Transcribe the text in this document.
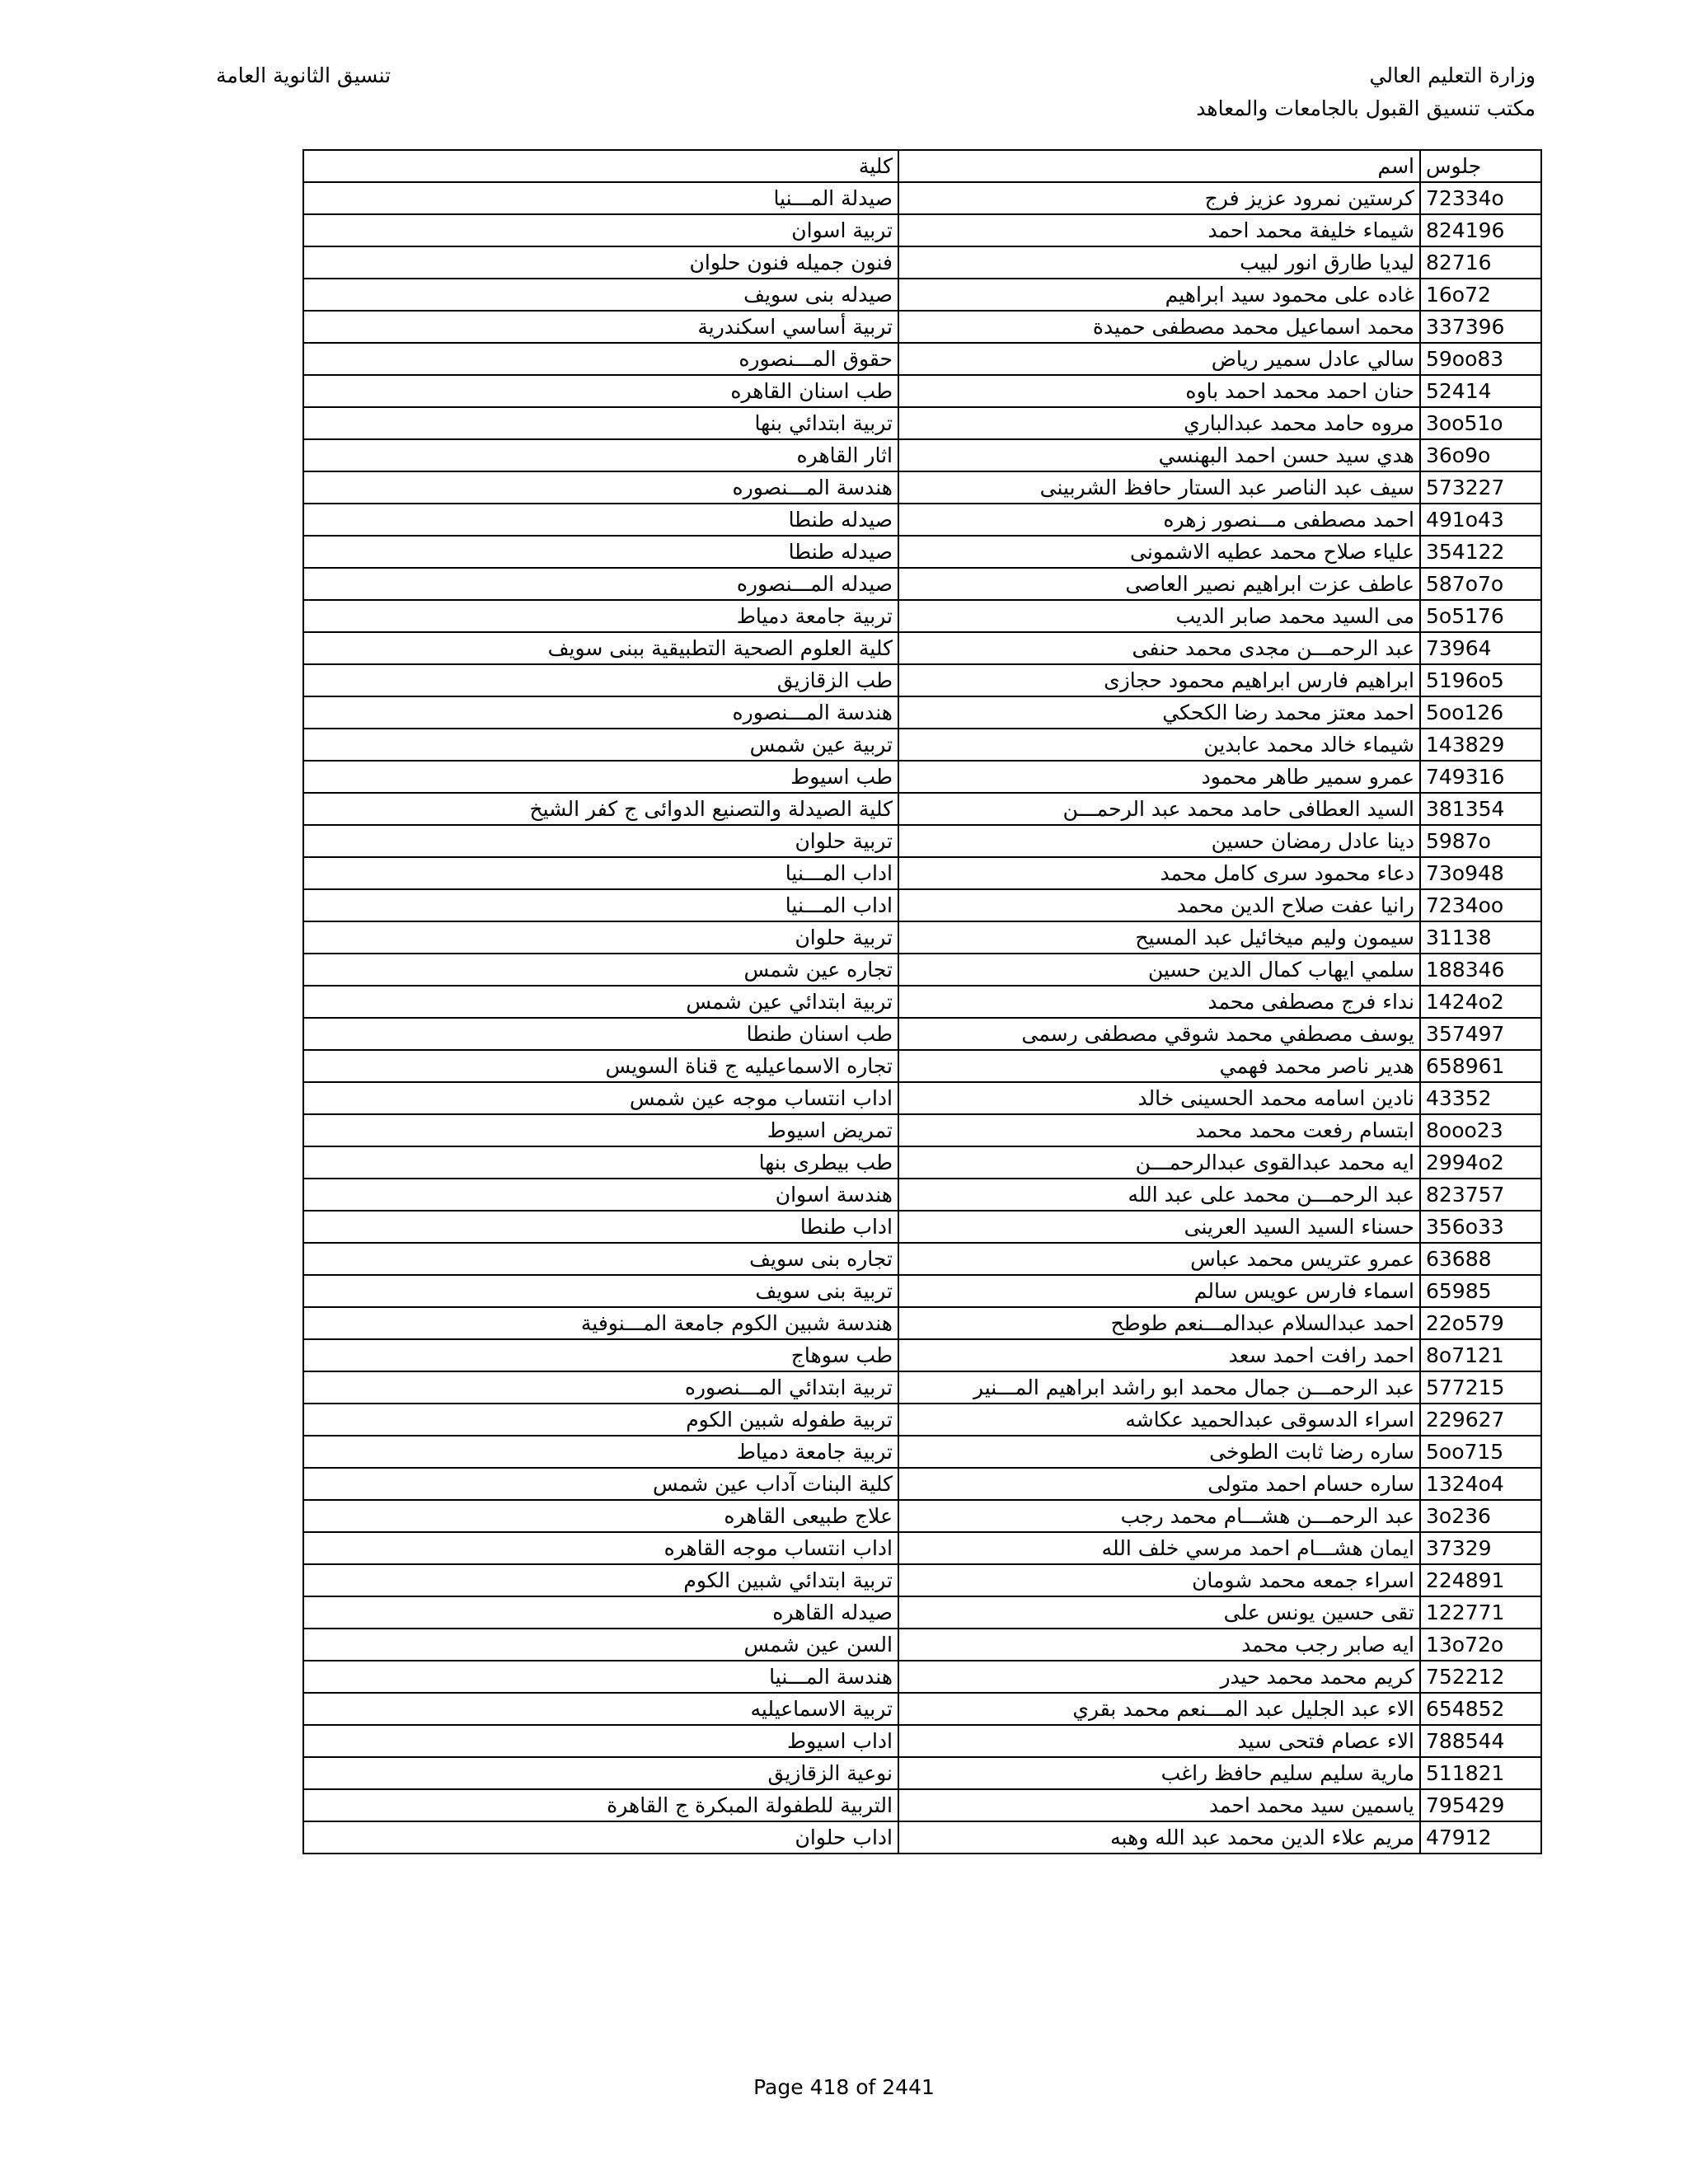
وزارة التعليم العالي
مكتب تنسيق القبول بالجامعات والمعاهد
تنسيق الثانوية العامة
كلية	اسم	جلوس
صيدلة المـــنيا	كرستين نمرود عزيز فرج	72334o
تربية اسوان	شيماء خليفة محمد احمد	824196
فنون جميله فنون حلوان	ليديا طارق انور لبيب	82716
صيدله بنى سويف	غاده على محمود سيد ابراهيم	16o72
تربية أساسي اسكندرية	محمد اسماعيل محمد مصطفى حميدة	337396
حقوق المـــنصوره	سالي عادل سمير رياض	59oo83
طب اسنان القاهره	حنان احمد محمد احمد باوه	52414
تربية ابتدائي بنها	مروه حامد محمد عبدالباري	3oo51o
اثار القاهره	هدي سيد حسن احمد البهنسي	36o9o
هندسة المـــنصوره	سيف عبد الناصر عبد الستار حافظ الشربينى	573227
صيدله طنطا	احمد مصطفى مـــنصور زهره	491o43
صيدله طنطا	علياء صلاح محمد عطيه الاشمونى	354122
صيدله المـــنصوره	عاطف عزت ابراهيم نصير العاصى	587o7o
تربية جامعة دمياط	مى السيد محمد صابر الديب	5o5176
كلية العلوم الصحية التطبيقية ببنى سويف	عبد الرحمـــن مجدى محمد حنفى	73964
طب الزقازيق	ابراهيم فارس ابراهيم محمود حجازى	5196o5
هندسة المـــنصوره	احمد معتز محمد رضا الكحكي	5oo126
تربية عين شمس	شيماء خالد محمد عابدين	143829
طب اسيوط	عمرو سمير طاهر محمود	749316
كلية الصيدلة والتصنيع الدوائى ج كفر الشيخ	السيد العطافى حامد محمد عبد الرحمـــن	381354
تربية حلوان	دينا عادل رمضان حسين	5987o
اداب المـــنيا	دعاء محمود سرى كامل محمد	73o948
اداب المـــنيا	رانيا عفت صلاح الدين محمد	7234oo
تربية حلوان	سيمون وليم ميخائيل عبد المسيح	31138
تجاره عين شمس	سلمي ايهاب كمال الدين حسين	188346
تربية ابتدائي عين شمس	نداء فرج مصطفى محمد	1424o2
طب اسنان طنطا	يوسف مصطفي محمد شوقي مصطفى رسمى	357497
تجاره الاسماعيليه ج قناة السويس	هدير ناصر محمد فهمي	658961
اداب انتساب موجه عين شمس	نادين اسامه محمد الحسينى خالد	43352
تمريض اسيوط	ابتسام رفعت محمد محمد	8ooo23
طب بيطرى بنها	ايه محمد عبدالقوى عبدالرحمـــن	2994o2
هندسة اسوان	عبد الرحمـــن محمد على عبد الله	823757
اداب طنطا	حسناء السيد السيد العرينى	356o33
تجاره بنى سويف	عمرو عتريس محمد عباس	63688
تربية بنى سويف	اسماء فارس عويس سالم	65985
هندسة شبين الكوم جامعة المـــنوفية	احمد عبدالسلام عبدالمـــنعم طوطح	22o579
طب سوهاج	احمد رافت احمد سعد	8o7121
تربية ابتدائي المـــنصوره	عبد الرحمـــن جمال محمد ابو راشد ابراهيم المـــنير	577215
تربية طفوله شبين الكوم	اسراء الدسوقى عبدالحميد عكاشه	229627
تربية جامعة دمياط	ساره رضا ثابت الطوخى	5oo715
كلية البنات آداب عين شمس	ساره حسام احمد متولى	1324o4
علاج طبيعى القاهره	عبد الرحمـــن هشـــام محمد رجب	3o236
اداب انتساب موجه القاهره	ايمان هشـــام احمد مرسي خلف الله	37329
تربية ابتدائي شبين الكوم	اسراء جمعه محمد شومان	224891
صيدله القاهره	تقى حسين يونس على	122771
السن عين شمس	ايه صابر رجب محمد	13o72o
هندسة المـــنيا	كريم محمد محمد حيدر	752212
تربية الاسماعيليه	الاء عبد الجليل عبد المـــنعم محمد بقري	654852
اداب اسيوط	الاء عصام فتحى سيد	788544
نوعية الزقازيق	مارية سليم سليم حافظ راغب	511821
التربية للطفولة المبكرة ج القاهرة	ياسمين سيد محمد احمد	795429
اداب حلوان	مريم علاء الدين محمد عبد الله وهبه	47912
Page 418 of 2441
